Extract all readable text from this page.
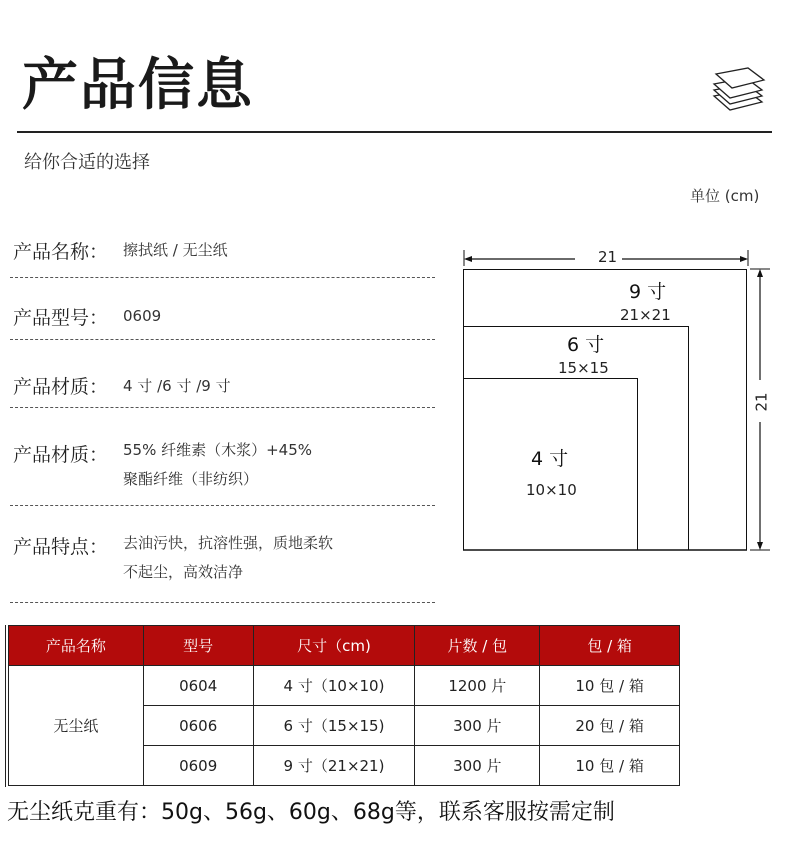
产品信息
给你合适的选择
单位 (cm)
产品名称： 擦拭纸 / 无尘纸
产品型号： 0609
产品材质： 4 寸 /6 寸 /9 寸
产品材质： 55% 纤维素（木浆）+45%
聚酯纤维（非纺织）
产品特点： 去油污快，抗溶性强，质地柔软
不起尘，高效洁净
21
21
9 寸
21×21
6 寸
15×15
4 寸
10×10
产品名称	型号	尺寸（cm)	片数 / 包	包 / 箱
无尘纸	0604	4 寸（10×10)	1200 片	10 包 / 箱
	0606	6 寸（15×15)	300 片	20 包 / 箱
	0609	9 寸（21×21)	300 片	10 包 / 箱
无尘纸克重有：50g、56g、60g、68g等，联系客服按需定制
